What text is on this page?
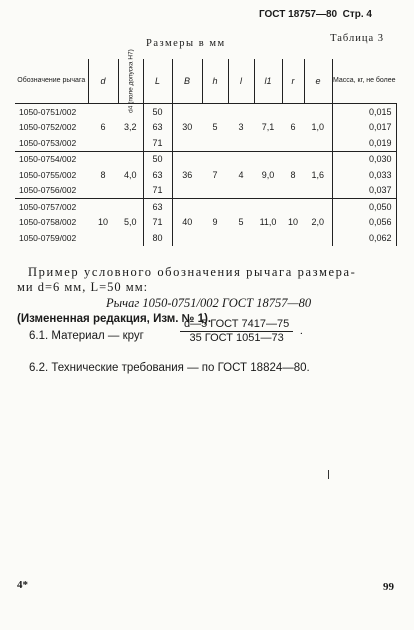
ГОСТ 18757—80 Стр. 4
Размеры в мм	Таблица 3
Обозначение рычага	d	d4 (поле допуска H7)	L	B	h	l	l1	r	e	Масса, кг, не более
1050-0751/002	6	3,2	50	30	5	3	7,1	6	1,0	0,015
1050-0752/002			63							0,017
1050-0753/002			71							0,019
1050-0754/002	8	4,0	50	36	7	4	9,0	8	1,6	0,030
1050-0755/002			63							0,033
1050-0756/002			71							0,037
1050-0757/002	10	5,0	63	40	9	5	11,0	10	2,0	0,050
1050-0758/002			71							0,056
1050-0759/002			80							0,062
Пример условного обозначения рычага размера-
ми d=6 мм, L=50 мм:
Рычаг 1050-0751/002 ГОСТ 18757—80
(Измененная редакция, Изм. № 1).
6.1. Материал — круг
d—5 ГОСТ 7417—75
35 ГОСТ 1051—73
.
6.2. Технические требования — по ГОСТ 18824—80.
4*	99
